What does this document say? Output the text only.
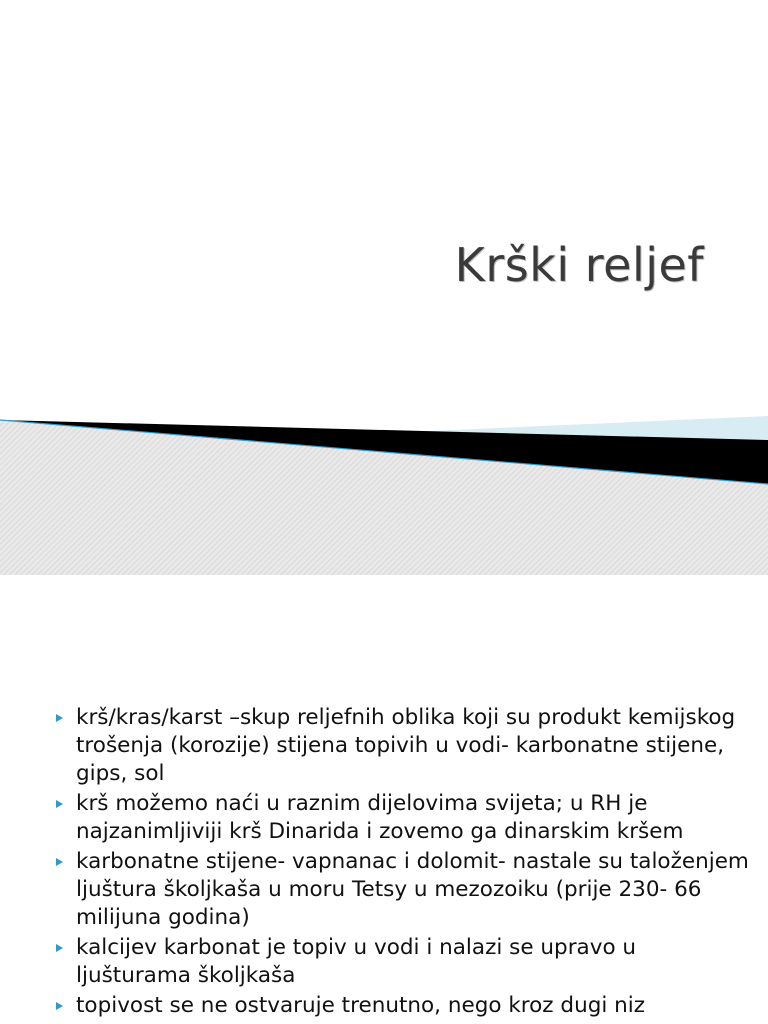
Krški reljef
krš/kras/karst –skup reljefnih oblika koji su produkt kemijskog trošenja (korozije) stijena topivih u vodi- karbonatne stijene, gips, sol
krš možemo naći u raznim dijelovima svijeta; u RH je najzanimljiviji krš Dinarida i zovemo ga dinarskim kršem
karbonatne stijene- vapnanac i dolomit- nastale su taloženjem ljuštura školjkaša u moru Tetsy u mezozoiku (prije 230- 66 milijuna godina)
kalcijev karbonat je topiv u vodi i nalazi se upravo u ljušturama školjkaša
topivost se ne ostvaruje trenutno, nego kroz dugi niz
